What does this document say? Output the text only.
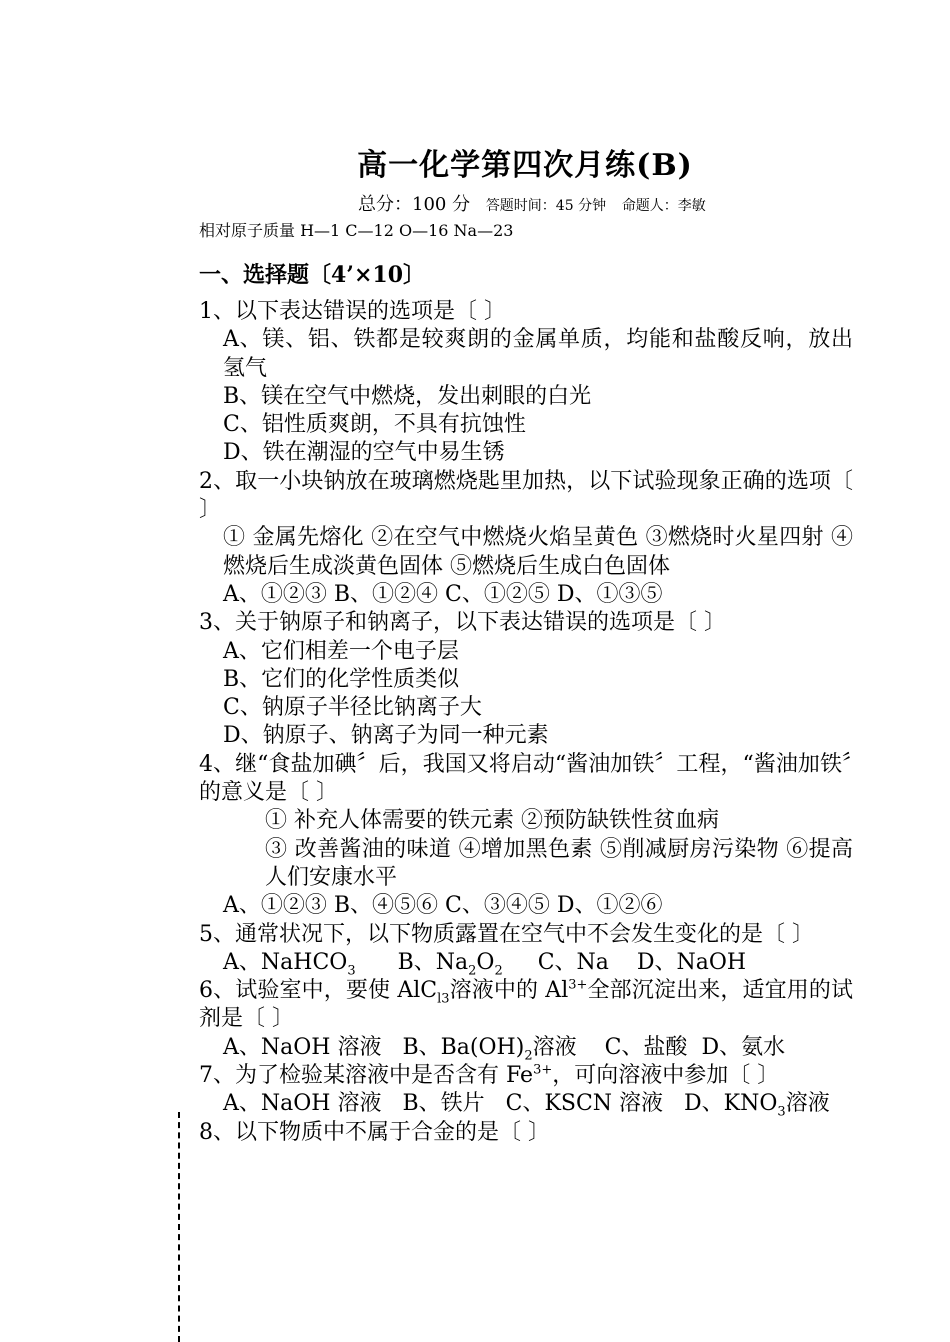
高一化学第四次月练(B)
总分：100 分 答题时间：45 分钟 命题人：李敏
相对原子质量 H—1 C—12 O—16 Na—23
一、选择题〔4’×10〕

1、以下表达错误的选项是〔 〕

A、镁、铝、铁都是较爽朗的金属单质，均能和盐酸反响，放出氢气

B、镁在空气中燃烧，发出刺眼的白光

C、铝性质爽朗，不具有抗蚀性

D、铁在潮湿的空气中易生锈

2、取一小块钠放在玻璃燃烧匙里加热，以下试验现象正确的选项〔 〕

① 金属先熔化 ②在空气中燃烧火焰呈黄色 ③燃烧时火星四射 ④燃烧后生成淡黄色固体 ⑤燃烧后生成白色固体

A、①②③ B、①②④ C、①②⑤ D、①③⑤

3、关于钠原子和钠离子，以下表达错误的选项是〔 〕

A、它们相差一个电子层

B、它们的化学性质类似

C、钠原子半径比钠离子大

D、钠原子、钠离子为同一种元素

4、继“食盐加碘〞后，我国又将启动“酱油加铁〞工程，“酱油加铁〞的意义是〔 〕

① 补充人体需要的铁元素 ②预防缺铁性贫血病

③ 改善酱油的味道 ④增加黑色素 ⑤削减厨房污染物 ⑥提高人们安康水平

A、①②③ B、④⑤⑥ C、③④⑤ D、①②⑥

5、通常状况下，以下物质露置在空气中不会发生变化的是〔 〕

A、NaHCO$_3$ B、$Na_2O_2$ C、Na D、NaOH

6、试验室中，要使 AlC$_{l3}$溶液中的 $Al^{3+}$全部沉淀出来，适宜用的试剂是〔 〕

A、NaOH 溶液 B、$Ba(OH)_2$溶液 C、盐酸 D、氨水

7、为了检验某溶液中是否含有 $Fe^{3+}$，可向溶液中参加〔 〕

A、NaOH 溶液 B、铁片 C、KSCN 溶液 D、$KNO_3$溶液

8、以下物质中不属于合金的是〔 〕
